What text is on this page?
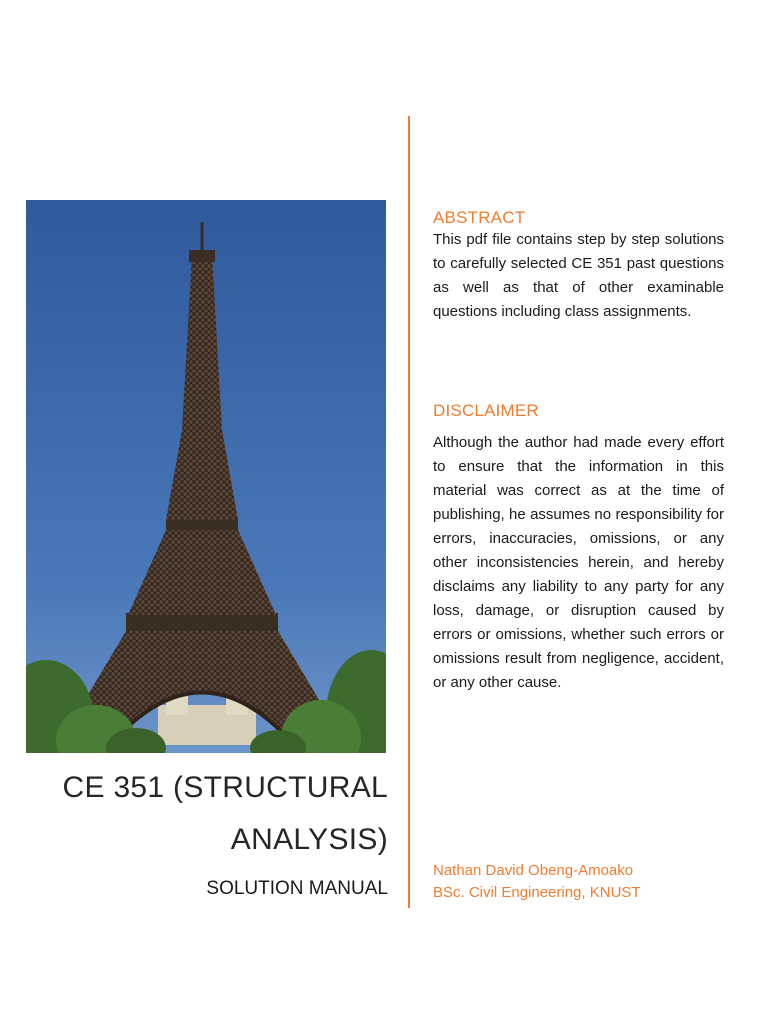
CE 351 (STRUCTURAL
ANALYSIS)
SOLUTION MANUAL
ABSTRACT
This pdf file contains step by step solutions to carefully selected CE 351 past questions as well as that of other examinable questions including class assignments.
DISCLAIMER
Although the author had made every effort to ensure that the information in this material was correct as at the time of publishing, he assumes no responsibility for errors, inaccuracies, omissions, or any other inconsistencies herein, and hereby disclaims any liability to any party for any loss, damage, or disruption caused by errors or omissions, whether such errors or omissions result from negligence, accident, or any other cause.
Nathan David Obeng-Amoako
BSc. Civil Engineering, KNUST
